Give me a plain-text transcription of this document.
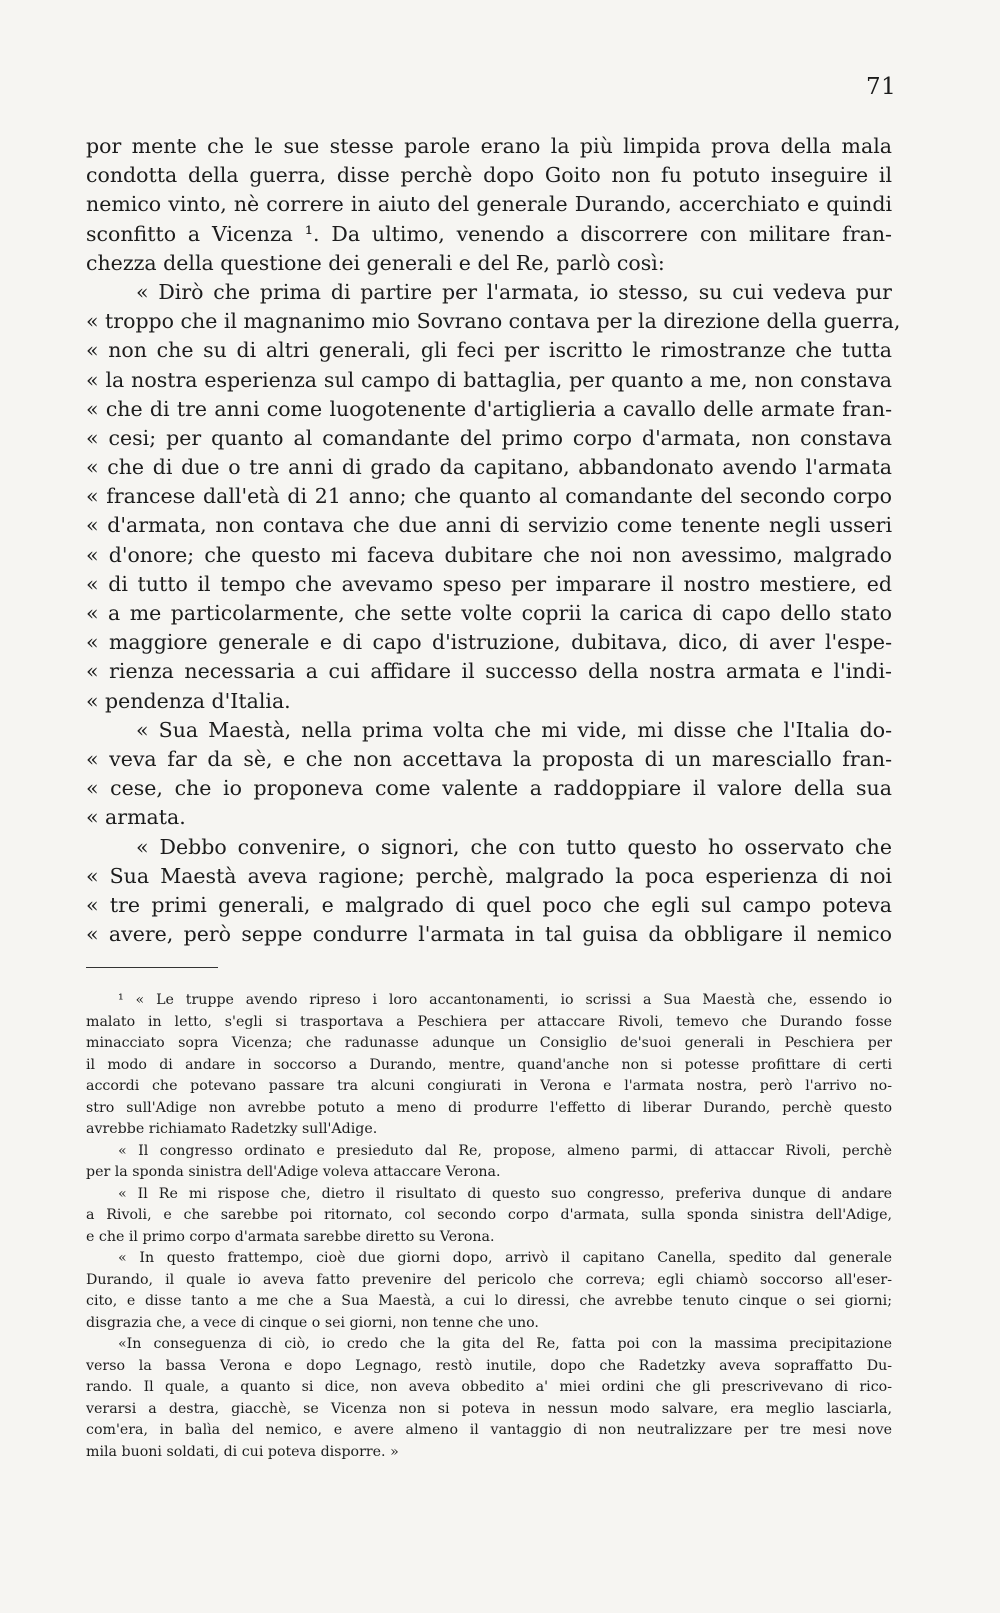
71
por mente che le sue stesse parole erano la più limpida prova della mala
condotta della guerra, disse perchè dopo Goito non fu potuto inseguire il
nemico vinto, nè correre in aiuto del generale Durando, accerchiato e quindi
sconfitto a Vicenza ¹. Da ultimo, venendo a discorrere con militare fran-
chezza della questione dei generali e del Re, parlò così:
« Dirò che prima di partire per l'armata, io stesso, su cui vedeva pur
« troppo che il magnanimo mio Sovrano contava per la direzione della guerra,
« non che su di altri generali, gli feci per iscritto le rimostranze che tutta
« la nostra esperienza sul campo di battaglia, per quanto a me, non constava
« che di tre anni come luogotenente d'artiglieria a cavallo delle armate fran-
« cesi; per quanto al comandante del primo corpo d'armata, non constava
« che di due o tre anni di grado da capitano, abbandonato avendo l'armata
« francese dall'età di 21 anno; che quanto al comandante del secondo corpo
« d'armata, non contava che due anni di servizio come tenente negli usseri
« d'onore; che questo mi faceva dubitare che noi non avessimo, malgrado
« di tutto il tempo che avevamo speso per imparare il nostro mestiere, ed
« a me particolarmente, che sette volte coprii la carica di capo dello stato
« maggiore generale e di capo d'istruzione, dubitava, dico, di aver l'espe-
« rienza necessaria a cui affidare il successo della nostra armata e l'indi-
« pendenza d'Italia.
« Sua Maestà, nella prima volta che mi vide, mi disse che l'Italia do-
« veva far da sè, e che non accettava la proposta di un maresciallo fran-
« cese, che io proponeva come valente a raddoppiare il valore della sua
« armata.
« Debbo convenire, o signori, che con tutto questo ho osservato che
« Sua Maestà aveva ragione; perchè, malgrado la poca esperienza di noi
« tre primi generali, e malgrado di quel poco che egli sul campo poteva
« avere, però seppe condurre l'armata in tal guisa da obbligare il nemico
¹ « Le truppe avendo ripreso i loro accantonamenti, io scrissi a Sua Maestà che, essendo io
malato in letto, s'egli si trasportava a Peschiera per attaccare Rivoli, temevo che Durando fosse
minacciato sopra Vicenza; che radunasse adunque un Consiglio de'suoi generali in Peschiera per
il modo di andare in soccorso a Durando, mentre, quand'anche non si potesse profittare di certi
accordi che potevano passare tra alcuni congiurati in Verona e l'armata nostra, però l'arrivo no-
stro sull'Adige non avrebbe potuto a meno di produrre l'effetto di liberar Durando, perchè questo
avrebbe richiamato Radetzky sull'Adige.
« Il congresso ordinato e presieduto dal Re, propose, almeno parmi, di attaccar Rivoli, perchè
per la sponda sinistra dell'Adige voleva attaccare Verona.
« Il Re mi rispose che, dietro il risultato di questo suo congresso, preferiva dunque di andare
a Rivoli, e che sarebbe poi ritornato, col secondo corpo d'armata, sulla sponda sinistra dell'Adige,
e che il primo corpo d'armata sarebbe diretto su Verona.
« In questo frattempo, cioè due giorni dopo, arrivò il capitano Canella, spedito dal generale
Durando, il quale io aveva fatto prevenire del pericolo che correva; egli chiamò soccorso all'eser-
cito, e disse tanto a me che a Sua Maestà, a cui lo diressi, che avrebbe tenuto cinque o sei giorni;
disgrazia che, a vece di cinque o sei giorni, non tenne che uno.
«In conseguenza di ciò, io credo che la gita del Re, fatta poi con la massima precipitazione
verso la bassa Verona e dopo Legnago, restò inutile, dopo che Radetzky aveva sopraffatto Du-
rando. Il quale, a quanto si dice, non aveva obbedito a' miei ordini che gli prescrivevano di rico-
verarsi a destra, giacchè, se Vicenza non si poteva in nessun modo salvare, era meglio lasciarla,
com'era, in balìa del nemico, e avere almeno il vantaggio di non neutralizzare per tre mesi nove
mila buoni soldati, di cui poteva disporre. »
